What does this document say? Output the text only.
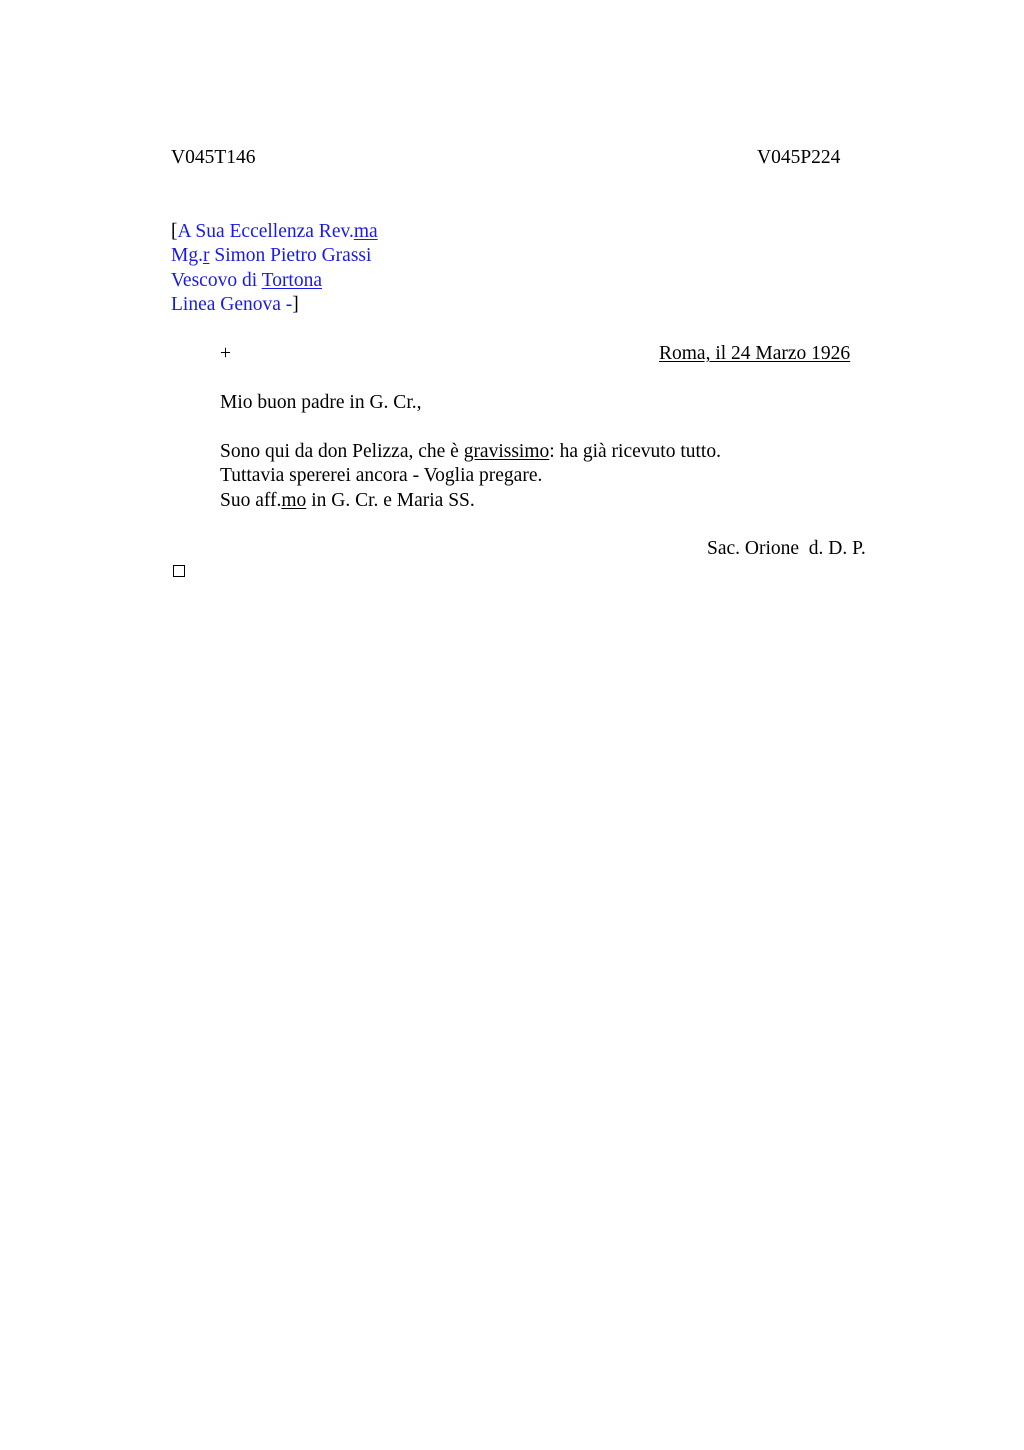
V045T146	V045P224
[A Sua Eccellenza Rev.ma
Mg.r Simon Pietro Grassi
Vescovo di Tortona
Linea Genova -]
+	Roma, il 24 Marzo 1926
Mio buon padre in G. Cr.,
Sono qui da don Pelizza, che è gravissimo: ha già ricevuto tutto.
Tuttavia spererei ancora - Voglia pregare.
Suo aff.mo in G. Cr. e Maria SS.
Sac. Orione  d. D. P.
